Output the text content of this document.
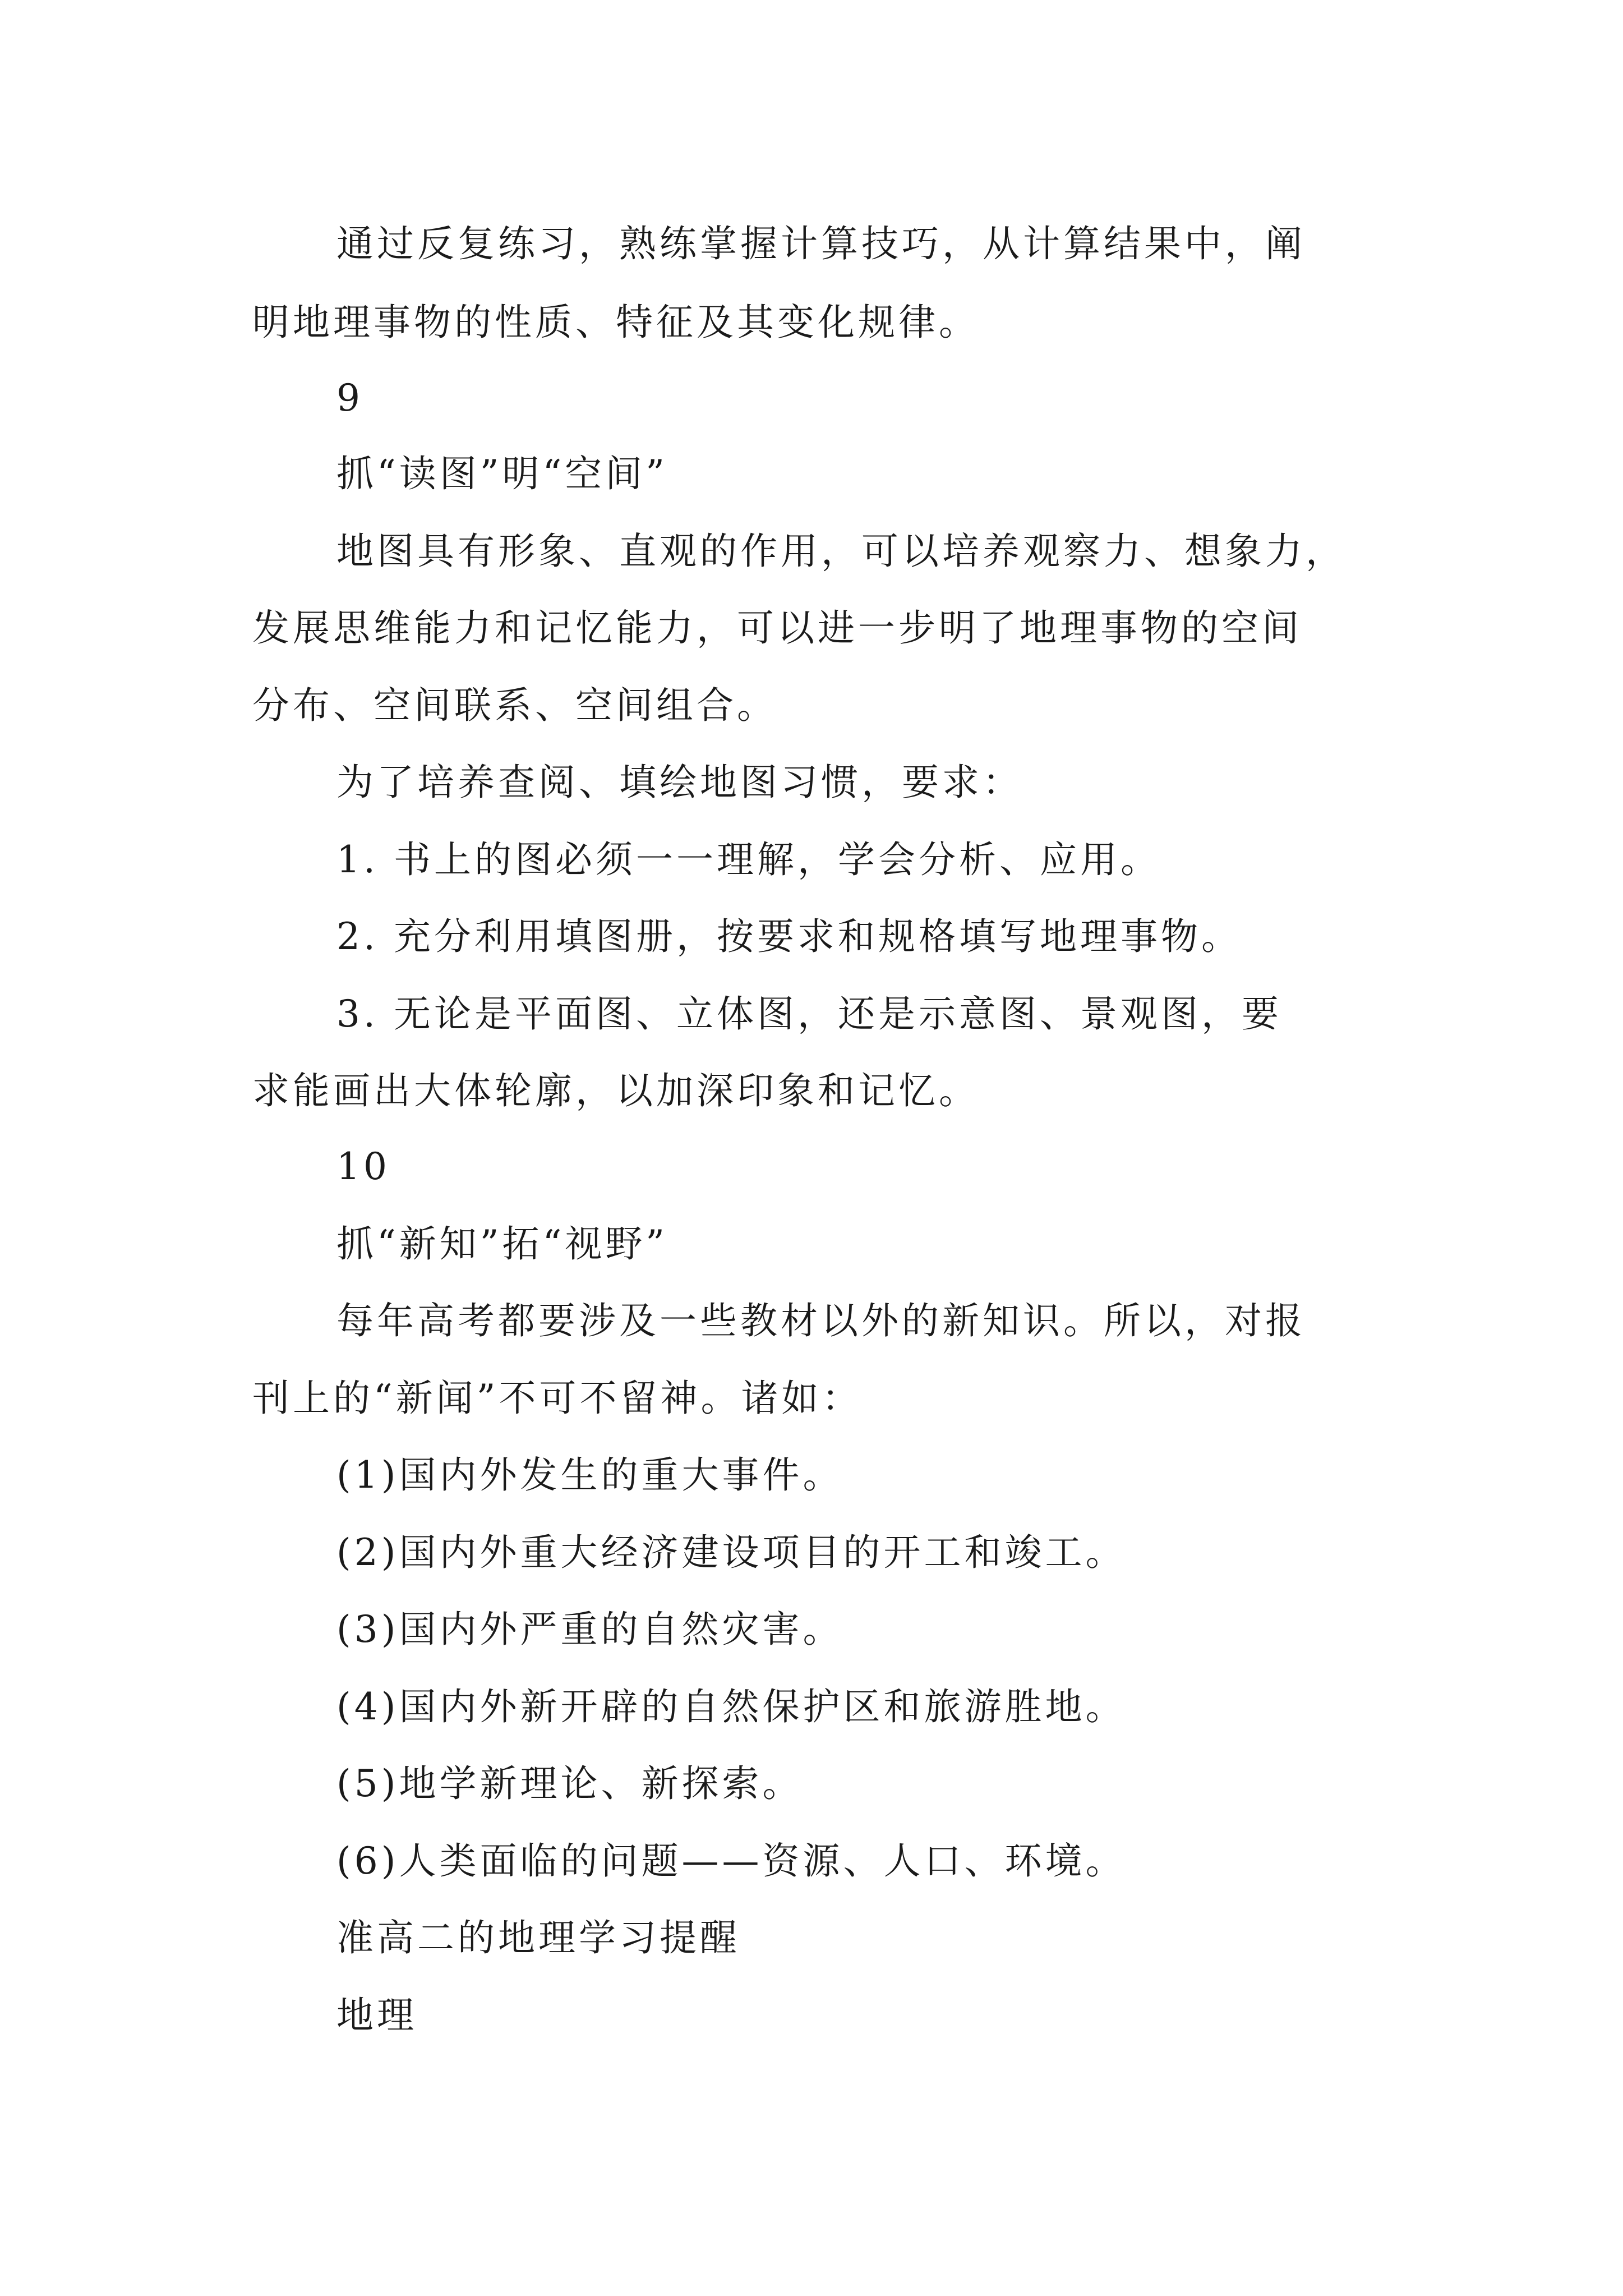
通过反复练习，熟练掌握计算技巧，从计算结果中，阐
明地理事物的性质、特征及其变化规律。
9
抓“读图”明“空间”
地图具有形象、直观的作用，可以培养观察力、想象力，
发展思维能力和记忆能力，可以进一步明了地理事物的空间
分布、空间联系、空间组合。
为了培养查阅、填绘地图习惯，要求：
1. 书上的图必须一一理解，学会分析、应用。
2. 充分利用填图册，按要求和规格填写地理事物。
3. 无论是平面图、立体图，还是示意图、景观图，要
求能画出大体轮廓，以加深印象和记忆。
10
抓“新知”拓“视野”
每年高考都要涉及一些教材以外的新知识。所以，对报
刊上的“新闻”不可不留神。诸如：
(1)国内外发生的重大事件。
(2)国内外重大经济建设项目的开工和竣工。
(3)国内外严重的自然灾害。
(4)国内外新开辟的自然保护区和旅游胜地。
(5)地学新理论、新探索。
(6)人类面临的问题——资源、人口、环境。
准高二的地理学习提醒
地理
